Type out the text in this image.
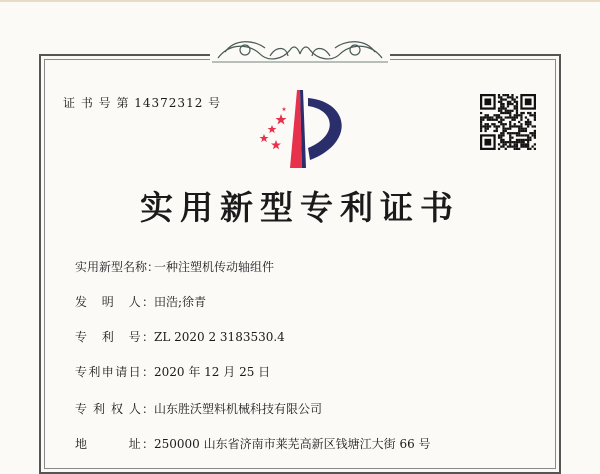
证 书 号 第 14372312 号
实用新型专利证书
实用新型名称：一种注塑机传动轴组件
发　明　人：田浩;徐青
专　利　号：ZL 2020 2 3183530.4
专利申请日：2020 年 12 月 25 日
专 利 权 人：山东胜沃塑料机械科技有限公司
地　　　址：250000 山东省济南市莱芜高新区钱塘江大街 66 号
